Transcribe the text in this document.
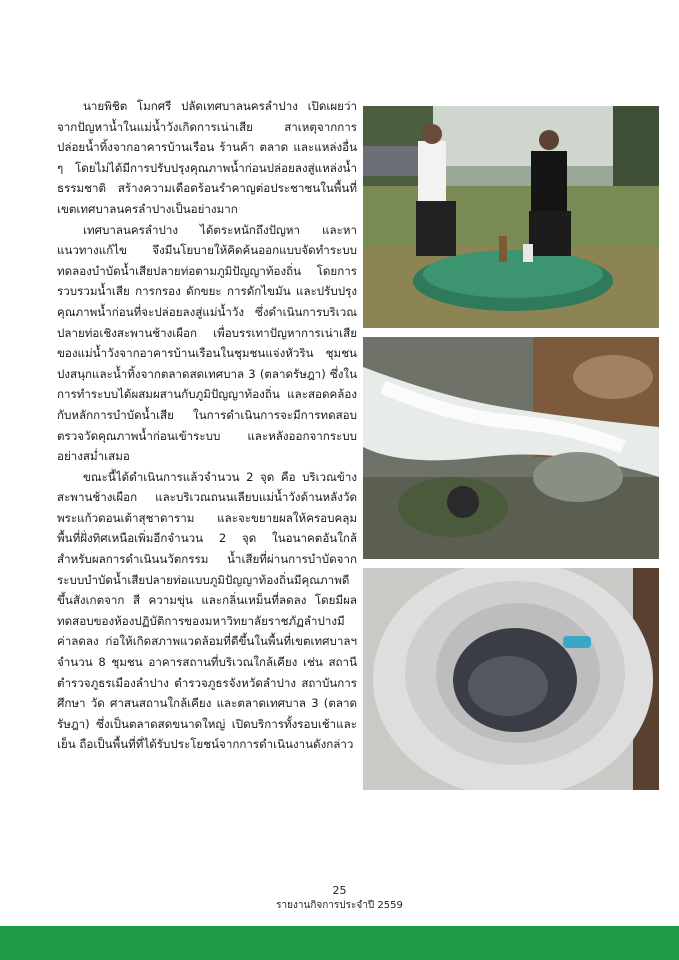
นายพิชิต โมกศรี ปลัดเทศบาลนครลำปาง เปิดเผยว่า จากปัญหาน้ำในแม่น้ำวังเกิดการเน่าเสีย สาเหตุจากการปล่อยน้ำทิ้งจากอาคารบ้านเรือน ร้านค้า ตลาด และแหล่งอื่น ๆ โดยไม่ได้มีการปรับปรุงคุณภาพน้ำก่อนปล่อยลงสู่แหล่งน้ำธรรมชาติ สร้างความเดือดร้อนรำคาญต่อประชาชนในพื้นที่เขตเทศบาลนครลำปางเป็นอย่างมาก

เทศบาลนครลำปาง ได้ตระหนักถึงปัญหา และหาแนวทางแก้ไข จึงมีนโยบายให้คิดค้นออกแบบจัดทำระบบทดลองบำบัดน้ำเสียปลายท่อตามภูมิปัญญาท้องถิ่น โดยการรวบรวมน้ำเสีย การกรอง ดักขยะ การดักไขมัน และปรับปรุงคุณภาพน้ำก่อนที่จะปล่อยลงสู่แม่น้ำวัง ซึ่งดำเนินการบริเวณปลายท่อเชิงสะพานช้างเผือก เพื่อบรรเทาปัญหาการเน่าเสียของแม่น้ำวังจากอาคารบ้านเรือนในชุมชนแจ่งหัวริน ชุมชนปงสนุกและน้ำทิ้งจากตลาดสดเทศบาล 3 (ตลาดรัษฎา) ซึ่งในการทำระบบได้ผสมผสานกับภูมิปัญญาท้องถิ่น และสอดคล้องกับหลักการบำบัดน้ำเสีย ในการดำเนินการจะมีการทดสอบตรวจวัดคุณภาพน้ำก่อนเข้าระบบ และหลังออกจากระบบอย่างสม่ำเสมอ

ขณะนี้ได้ดำเนินการแล้วจำนวน 2 จุด คือ บริเวณข้างสะพานช้างเผือก และบริเวณถนนเลียบแม่น้ำวังด้านหลังวัดพระแก้วดอนเต้าสุชาดาราม และจะขยายผลให้ครอบคลุมพื้นที่ฝั่งทิศเหนือเพิ่มอีกจำนวน 2 จุด ในอนาคตอันใกล้ สำหรับผลการดำเนินนวัตกรรม น้ำเสียที่ผ่านการบำบัดจากระบบบำบัดน้ำเสียปลายท่อแบบภูมิปัญญาท้องถิ่นมีคุณภาพดีขึ้นสังเกตจาก สี ความขุ่น และกลิ่นเหม็นที่ลดลง โดยมีผลทดสอบของห้องปฏิบัติการของมหาวิทยาลัยราชภัฏลำปางมีค่าลดลง ก่อให้เกิดสภาพแวดล้อมที่ดีขึ้นในพื้นที่เขตเทศบาลฯ จำนวน 8 ชุมชน อาคารสถานที่บริเวณใกล้เคียง เช่น สถานีตำรวจภูธรเมืองลำปาง ตำรวจภูธรจังหวัดลำปาง สถาบันการศึกษา วัด ศาสนสถานใกล้เคียง และตลาดเทศบาล 3 (ตลาดรัษฎา) ซึ่งเป็นตลาดสดขนาดใหญ่ เปิดบริการทั้งรอบเช้าและเย็น ถือเป็นพื้นที่ที่ได้รับประโยชน์จากการดำเนินงานดังกล่าว

25
รายงานกิจการประจำปี 2559
